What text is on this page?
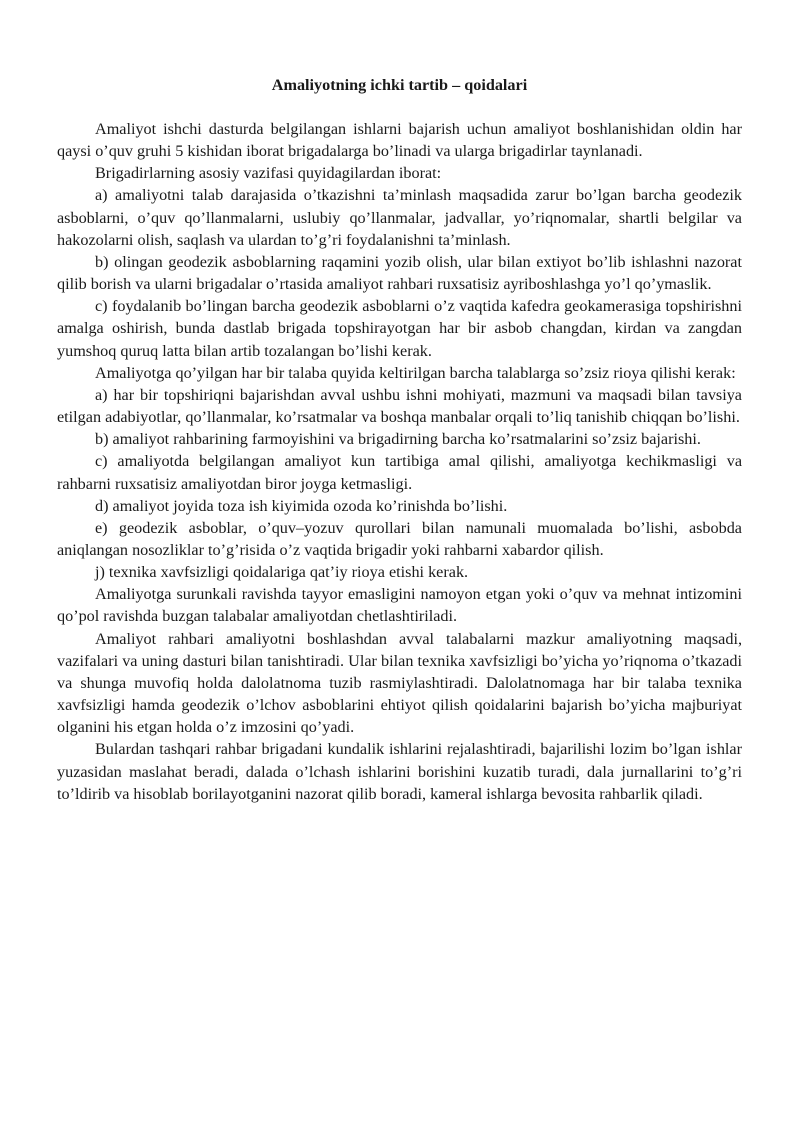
Amaliyotning ichki tartib – qoidalari

Amaliyot ishchi dasturda belgilangan ishlarni bajarish uchun amaliyot boshlanishidan oldin har qaysi o’quv gruhi 5 kishidan iborat brigadalarga bo’linadi va ularga brigadirlar taynlanadi.

Brigadirlarning asosiy vazifasi quyidagilardan iborat:

a) amaliyotni talab darajasida o’tkazishni ta’minlash maqsadida zarur bo’lgan barcha geodezik asboblarni, o’quv qo’llanmalarni, uslubiy qo’llanmalar, jadvallar, yo’riqnomalar, shartli belgilar va hakozolarni olish, saqlash va ulardan to’g’ri foydalanishni ta’minlash.

b) olingan geodezik asboblarning raqamini yozib olish, ular bilan extiyot bo’lib ishlashni nazorat qilib borish va ularni brigadalar o’rtasida amaliyot rahbari ruxsatisiz ayriboshlashga yo’l qo’ymaslik.

c) foydalanib bo’lingan barcha geodezik asboblarni o’z vaqtida kafedra geokamerasiga topshirishni amalga oshirish, bunda dastlab brigada topshirayotgan har bir asbob changdan, kirdan va zangdan yumshoq quruq latta bilan artib tozalangan bo’lishi kerak.

Amaliyotga qo’yilgan har bir talaba quyida keltirilgan barcha talablarga so’zsiz rioya qilishi kerak:

a) har bir topshiriqni bajarishdan avval ushbu ishni mohiyati, mazmuni va maqsadi bilan tavsiya etilgan adabiyotlar, qo’llanmalar, ko’rsatmalar va boshqa manbalar orqali to’liq tanishib chiqqan bo’lishi.

b) amaliyot rahbarining farmoyishini va brigadirning barcha ko’rsatmalarini so’zsiz bajarishi.

c) amaliyotda belgilangan amaliyot kun tartibiga amal qilishi, amaliyotga kechikmasligi va rahbarni ruxsatisiz amaliyotdan biror joyga ketmasligi.

d) amaliyot joyida toza ish kiyimida ozoda ko’rinishda bo’lishi.

e) geodezik asboblar, o’quv–yozuv qurollari bilan namunali muomalada bo’lishi, asbobda aniqlangan nosozliklar to’g’risida o’z vaqtida brigadir yoki rahbarni xabardor qilish.

j) texnika xavfsizligi qoidalariga qat’iy rioya etishi kerak.

Amaliyotga surunkali ravishda tayyor emasligini namoyon etgan yoki o’quv va mehnat intizomini qo’pol ravishda buzgan talabalar amaliyotdan chetlashtiriladi.

Amaliyot rahbari amaliyotni boshlashdan avval talabalarni mazkur amaliyotning maqsadi, vazifalari va uning dasturi bilan tanishtiradi. Ular bilan texnika xavfsizligi bo’yicha yo’riqnoma o’tkazadi va shunga muvofiq holda dalolatnoma tuzib rasmiylashtiradi. Dalolatnomaga har bir talaba texnika xavfsizligi hamda geodezik o’lchov asboblarini ehtiyot qilish qoidalarini bajarish bo’yicha majburiyat olganini his etgan holda o’z imzosini qo’yadi.

Bulardan tashqari rahbar brigadani kundalik ishlarini rejalashtiradi, bajarilishi lozim bo’lgan ishlar yuzasidan maslahat beradi, dalada o’lchash ishlarini borishini kuzatib turadi, dala jurnallarini to’g’ri to’ldirib va hisoblab borilayotganini nazorat qilib boradi, kameral ishlarga bevosita rahbarlik qiladi.
